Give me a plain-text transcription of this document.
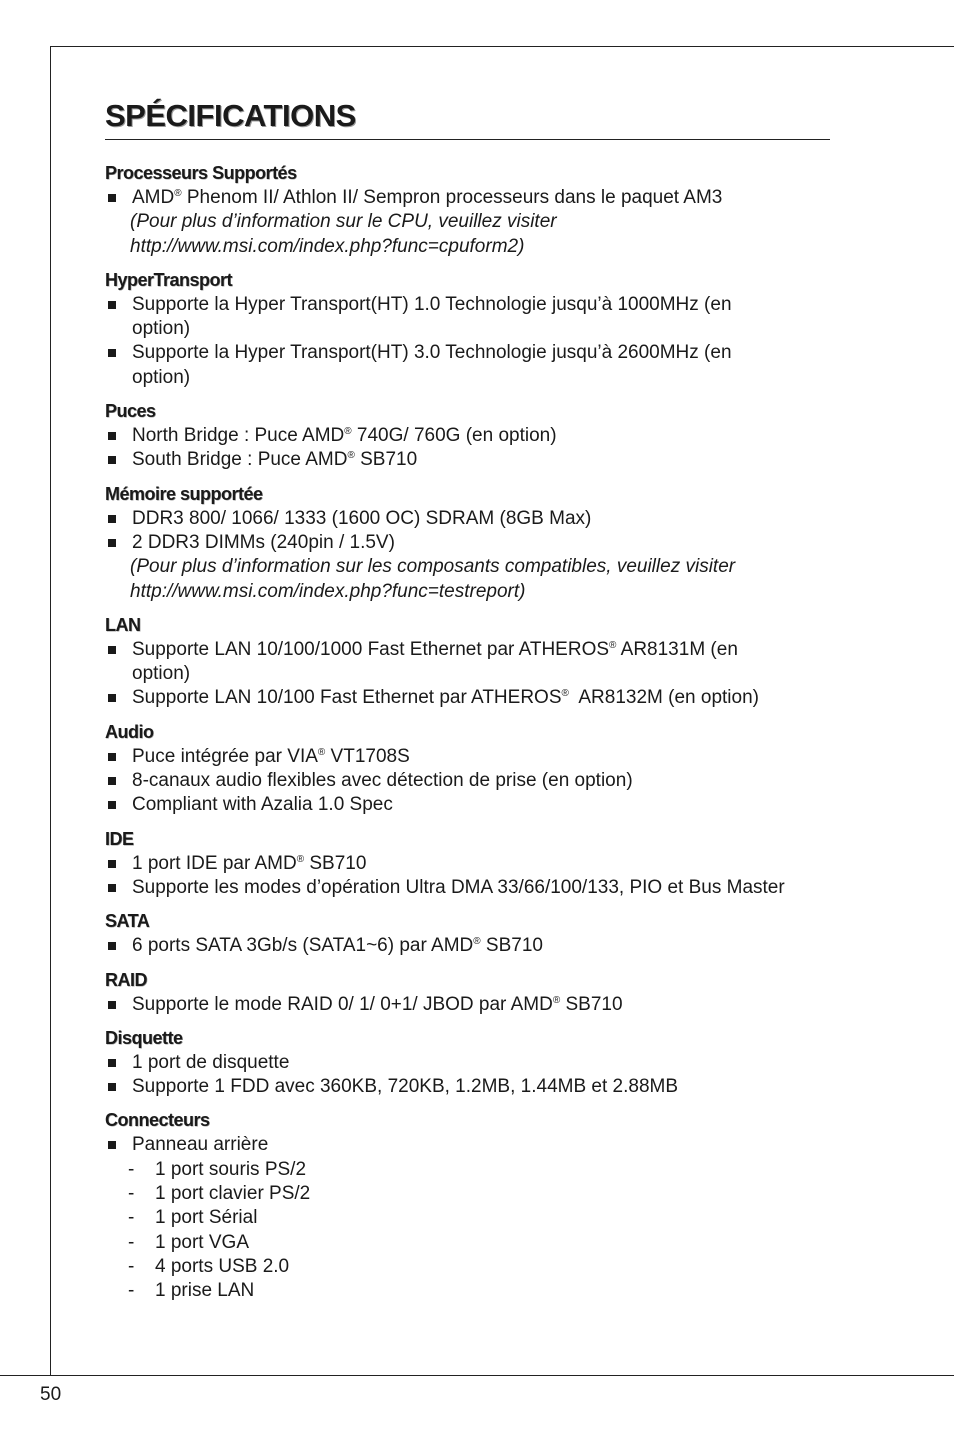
50
SPÉCIFICATIONS
Processeurs Supportés
AMD® Phenom II/ Athlon II/ Sempron processeurs dans le paquet AM3
(Pour plus d’information sur le CPU, veuillez visiter
http://www.msi.com/index.php?func=cpuform2)
HyperTransport
Supporte la Hyper Transport(HT) 1.0 Technologie jusqu’à 1000MHz (en
option)
Supporte la Hyper Transport(HT) 3.0 Technologie jusqu’à 2600MHz (en
option)
Puces
North Bridge : Puce AMD® 740G/ 760G (en option)
South Bridge : Puce AMD® SB710
Mémoire supportée
DDR3 800/ 1066/ 1333 (1600 OC) SDRAM (8GB Max)
2 DDR3 DIMMs (240pin / 1.5V)
(Pour plus d’information sur les composants compatibles, veuillez visiter
http://www.msi.com/index.php?func=testreport)
LAN
Supporte LAN 10/100/1000 Fast Ethernet par ATHEROS® AR8131M (en
option)
Supporte LAN 10/100 Fast Ethernet par ATHEROS®  AR8132M (en option)
Audio
Puce intégrée par VIA® VT1708S
8-canaux audio flexibles avec détection de prise (en option)
Compliant with Azalia 1.0 Spec
IDE
1 port IDE par AMD® SB710
Supporte les modes d’opération Ultra DMA 33/66/100/133, PIO et Bus Master
SATA
6 ports SATA 3Gb/s (SATA1~6) par AMD® SB710
RAID
Supporte le mode RAID 0/ 1/ 0+1/ JBOD par AMD® SB710
Disquette
1 port de disquette
Supporte 1 FDD avec 360KB, 720KB, 1.2MB, 1.44MB et 2.88MB
Connecteurs
Panneau arrière
- 1 port souris PS/2
- 1 port clavier PS/2
- 1 port Sérial
- 1 port VGA
- 4 ports USB 2.0
- 1 prise LAN
